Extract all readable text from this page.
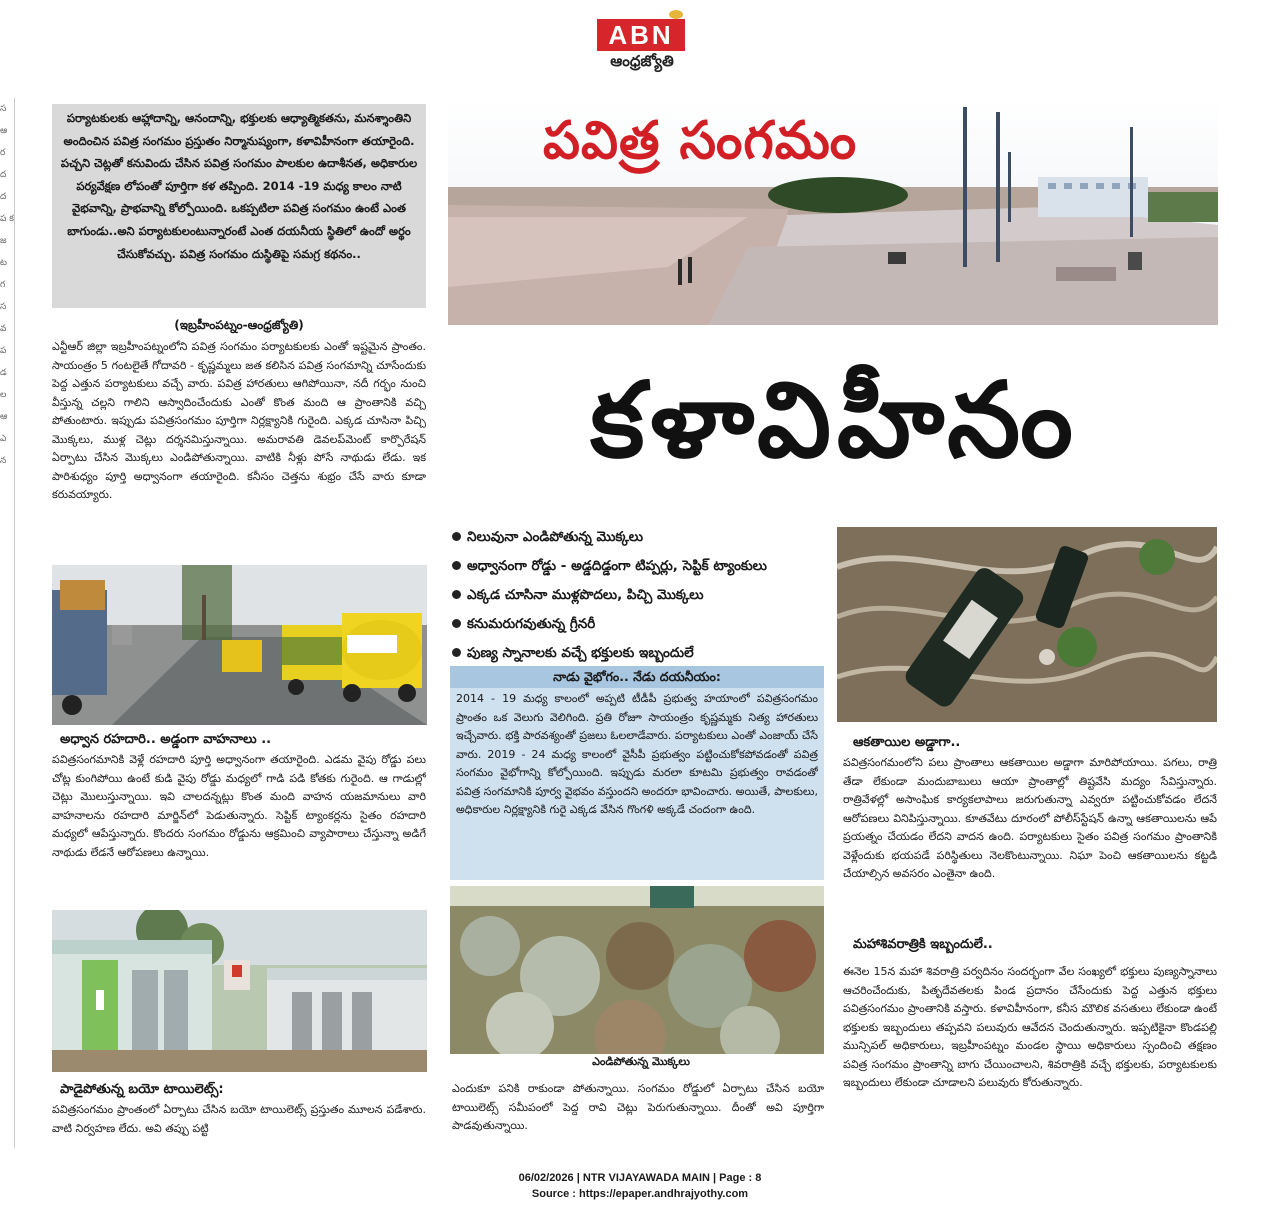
ABN
ఆంధ్రజ్యోతి
స ఆ ర ద ద ప క జ ట గ స వ ప డ ల ఆ ఎ న
పర్యాటకులకు ఆహ్లాదాన్ని, ఆనందాన్ని, భక్తులకు ఆధ్యాత్మికతను, మనశ్శాంతిని అందించిన పవిత్ర సంగమం ప్రస్తుతం నిర్మానుష్యంగా, కళావిహీనంగా తయారైంది. పచ్చని చెట్లతో కనువిందు చేసిన పవిత్ర సంగమం పాలకుల ఉదాశీనత, అధికారుల పర్యవేక్షణ లోపంతో పూర్తిగా కళ తప్పింది. 2014 -19 మధ్య కాలం నాటి వైభవాన్ని, ప్రాభవాన్ని కోల్పోయింది. ఒకప్పటిలా పవిత్ర సంగమం ఉంటే ఎంత బాగుండు..అని పర్యాటకులంటున్నారంటే ఎంత దయనీయ స్థితిలో ఉందో అర్థం చేసుకోవచ్చు. పవిత్ర సంగమం దుస్థితిపై సమగ్ర కథనం..
(ఇబ్రహీంపట్నం-ఆంధ్రజ్యోతి)
ఎన్టీఆర్‌ జిల్లా ఇబ్రహీంపట్నంలోని పవిత్ర సంగమం పర్యాటకులకు ఎంతో ఇష్టమైన ప్రాంతం. సాయంత్రం 5 గంటలైతే గోదావరి - కృష్ణమ్మలు జత కలిసిన పవిత్ర సంగమాన్ని చూసేందుకు పెద్ద ఎత్తున పర్యాటకులు వచ్చే వారు. పవిత్ర హారతులు ఆగిపోయినా, నదీ గర్భం నుంచి వీస్తున్న చల్లని గాలిని ఆస్వాదించేందుకు ఎంతో కొంత మంది ఆ ప్రాంతానికి వచ్చి పోతుంటారు. ఇప్పుడు పవిత్రసంగమం పూర్తిగా నిర్లక్ష్యానికి గురైంది. ఎక్కడ చూసినా పిచ్చి మొక్కలు, ముళ్ల చెట్లు దర్శనమిస్తున్నాయి. అమరావతి డెవలప్‌మెంట్‌ కార్పొరేషన్‌ ఏర్పాటు చేసిన మొక్కలు ఎండిపోతున్నాయి. వాటికి నీళ్లు పోసే నాథుడు లేడు. ఇక పారిశుధ్యం పూర్తి అధ్వానంగా తయారైంది. కనీసం చెత్తను శుభ్రం చేసే వారు కూడా కరువయ్యారు.
అధ్వాన రహదారి.. అడ్డంగా వాహనాలు ..
పవిత్రసంగమానికి వెళ్లే రహదారి పూర్తి అధ్వానంగా తయారైంది. ఎడమ వైపు రోడ్డు పలు చోట్ల కుంగిపోయి ఉంటే కుడి వైపు రోడ్డు మధ్యలో గాడి పడి కోతకు గురైంది. ఆ గాడుల్లో చెట్లు మొలుస్తున్నాయి. ఇవి చాలదన్నట్లు కొంత మంది వాహన యజమానులు వారి వాహనాలను రహదారి మార్జిన్‌లో పెడుతున్నారు. సెప్టిక్‌ ట్యాంకర్లను సైతం రహదారి మధ్యలో ఆపేస్తున్నారు. కొందరు సంగమం రోడ్డును ఆక్రమించి వ్యాపారాలు చేస్తున్నా అడిగే నాథుడు లేడనే ఆరోపణలు ఉన్నాయి.
పాడైపోతున్న బయో టాయిలెట్స్‌:
పవిత్రసంగమం ప్రాంతంలో ఏర్పాటు చేసిన బయో టాయిలెట్స్‌ ప్రస్తుతం మూలన పడేశారు. వాటి నిర్వహణ లేదు. అవి తప్పు పట్టి
పవిత్ర సంగమం
కళావిహీనం
నిలువునా ఎండిపోతున్న మొక్కలు
అధ్వానంగా రోడ్డు - అడ్డదిడ్డంగా టిప్పర్లు, సెప్టిక్‌ ట్యాంకులు
ఎక్కడ చూసినా ముళ్లపొదలు, పిచ్చి మొక్కలు
కనుమరుగవుతున్న గ్రీనరీ
పుణ్య స్నానాలకు వచ్చే భక్తులకు ఇబ్బందులే
నాడు వైభోగం.. నేడు దయనీయం:
2014 - 19 మధ్య కాలంలో అప్పటి టీడీపీ ప్రభుత్వ హయాంలో పవిత్రసంగమం ప్రాంతం ఒక వెలుగు వెలిగింది. ప్రతి రోజూ సాయంత్రం కృష్ణమ్మకు నిత్య హారతులు ఇచ్చేవారు. భక్తి పారవశ్యంతో ప్రజలు ఓలలాడేవారు. పర్యాటకులు ఎంతో ఎంజాయ్‌ చేసే వారు. 2019 - 24 మధ్య కాలంలో వైసీపీ ప్రభుత్వం పట్టించుకోకపోవడంతో పవిత్ర సంగమం వైభోగాన్ని కోల్పోయింది. ఇప్పుడు మరలా కూటమి ప్రభుత్వం రావడంతో పవిత్ర సంగమానికి పూర్వ వైభవం వస్తుందని అందరూ భావించారు. అయితే, పాలకులు, అధికారుల నిర్లక్ష్యానికి గురై ఎక్కడ వేసిన గొంగళి అక్కడే చందంగా ఉంది.
ఎండిపోతున్న మొక్కలు
ఎందుకూ పనికి రాకుండా పోతున్నాయి. సంగమం రోడ్డులో ఏర్పాటు చేసిన బయో టాయిలెట్స్‌ సమీపంలో పెద్ద రావి చెట్లు పెరుగుతున్నాయి. దీంతో అవి పూర్తిగా పాడవుతున్నాయి.
ఆకతాయిల అడ్డాగా..
పవిత్రసంగమంలోని పలు ప్రాంతాలు ఆకతాయిల అడ్డాగా మారిపోయాయి. పగలు, రాత్రి తేడా లేకుండా మందుబాబులు ఆయా ప్రాంతాల్లో తిష్టవేసి మద్యం సేవిస్తున్నారు. రాత్రివేళల్లో అసాంఘిక కార్యకలాపాలు జరుగుతున్నా ఎవ్వరూ పట్టించుకోవడం లేదనే ఆరోపణలు వినిపిస్తున్నాయి. కూతవేటు దూరంలో పోలీస్‌స్టేషన్‌ ఉన్నా ఆకతాయిలను ఆపే ప్రయత్నం చేయడం లేదని వాదన ఉంది. పర్యాటకులు సైతం పవిత్ర సంగమం ప్రాంతానికి వెళ్లేందుకు భయపడే పరిస్థితులు నెలకొంటున్నాయి. నిఘా పెంచి ఆకతాయిలను కట్టడి చేయాల్సిన అవసరం ఎంతైనా ఉంది.
మహాశివరాత్రికి ఇబ్బందులే..
ఈనెల 15న మహా శివరాత్రి పర్వదినం సందర్భంగా వేల సంఖ్యలో భక్తులు పుణ్యస్నానాలు ఆచరించేందుకు, పితృదేవతలకు పిండ ప్రదానం చేసేందుకు పెద్ద ఎత్తున భక్తులు పవిత్రసంగమం ప్రాంతానికి వస్తారు. కళావిహీనంగా, కనీస మౌలిక వసతులు లేకుండా ఉంటే భక్తులకు ఇబ్బందులు తప్పవని పలువురు ఆవేదన చెందుతున్నారు. ఇప్పటికైనా కొండపల్లి మున్సిపల్‌ అధికారులు, ఇబ్రహీంపట్నం మండల స్థాయి అధికారులు స్పందించి తక్షణం పవిత్ర సంగమం ప్రాంతాన్ని బాగు చేయించాలని, శివరాత్రికి వచ్చే భక్తులకు, పర్యాటకులకు ఇబ్బందులు లేకుండా చూడాలని పలువురు కోరుతున్నారు.
06/02/2026 | NTR VIJAYAWADA MAIN | Page : 8
Source : https://epaper.andhrajyothy.com
